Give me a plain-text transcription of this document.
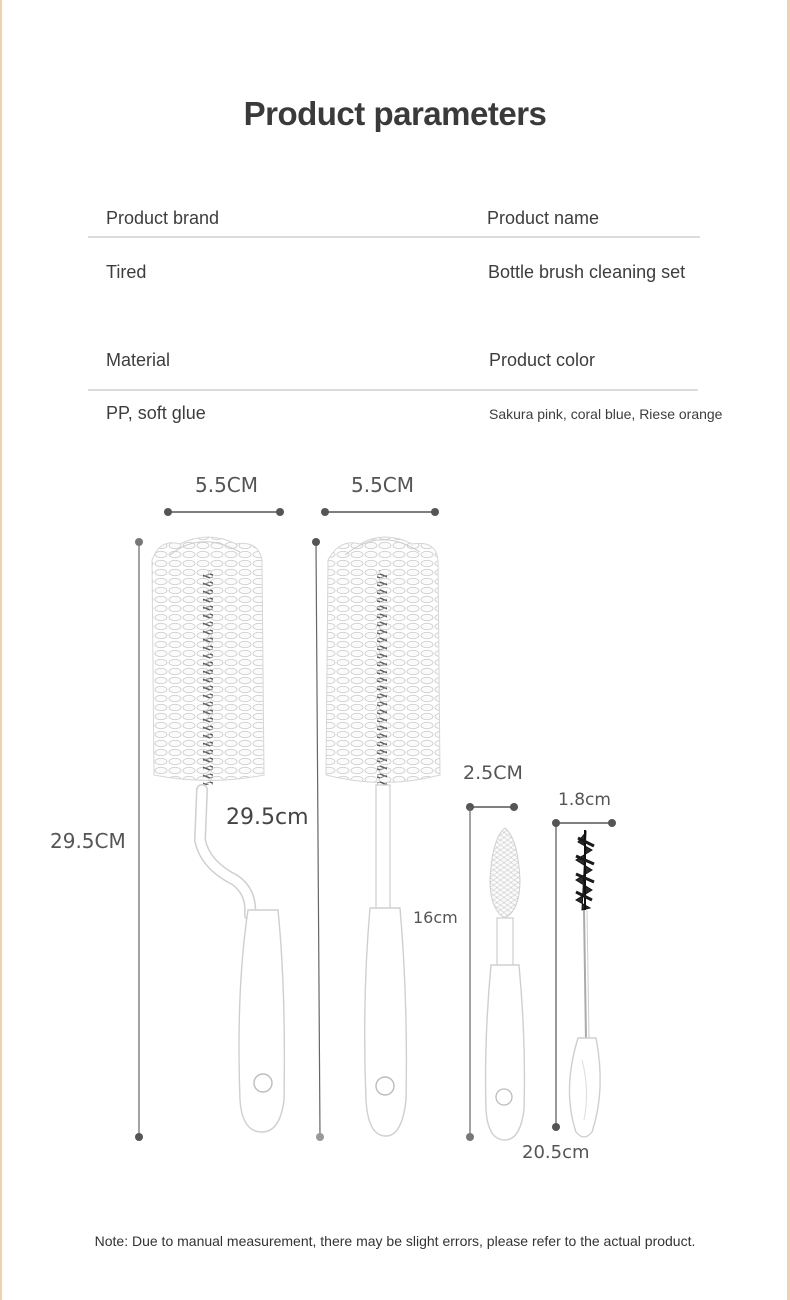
Product parameters
Product brand	Product name
Tired	Bottle brush cleaning set
Material	Product color
PP, soft glue	Sakura pink, coral blue, Riese orange
5.5CM	5.5CM
29.5CM
29.5cm
2.5CM
16cm
1.8cm
20.5cm

Note: Due to manual measurement, there may be slight errors, please refer to the actual product.
